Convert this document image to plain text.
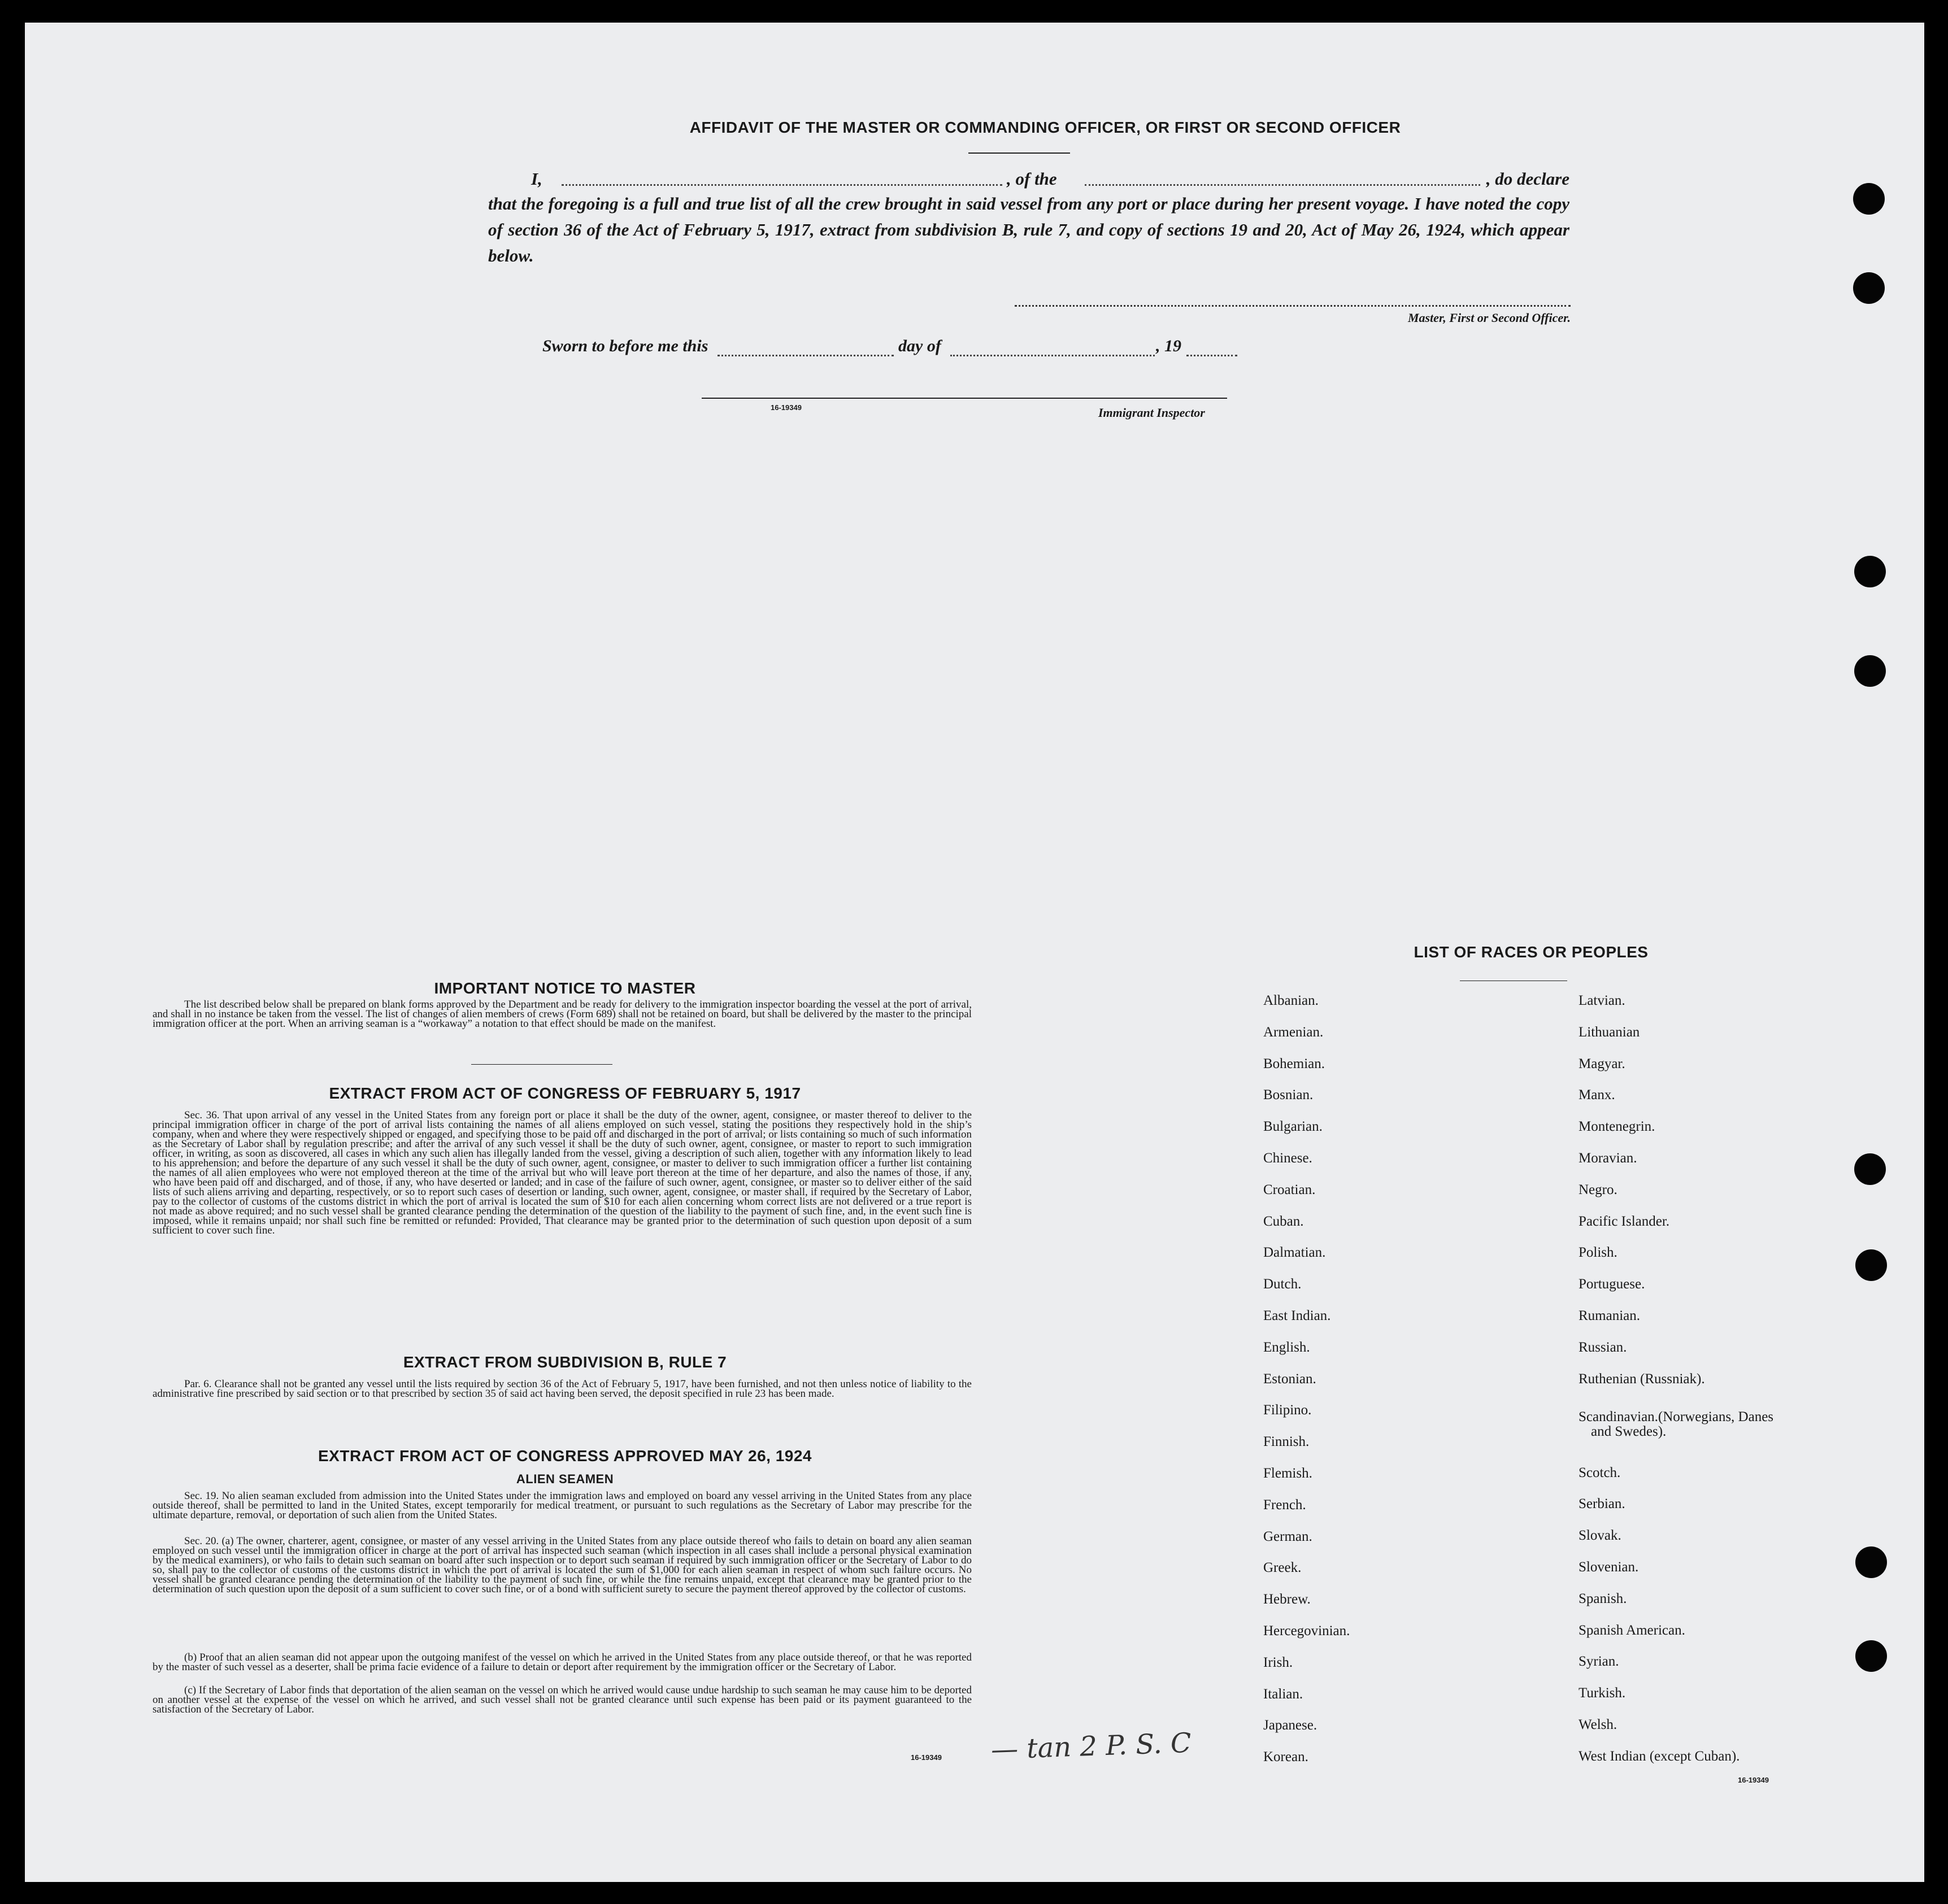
AFFIDAVIT OF THE MASTER OR COMMANDING OFFICER, OR FIRST OR SECOND OFFICER
I,	, of the	, do declare
that the foregoing is a full and true list of all the crew brought in said vessel from any port or place during her present voyage. I have noted the copy of section 36 of the Act of February 5, 1917, extract from subdivision B, rule 7, and copy of sections 19 and 20, Act of May 26, 1924, which appear below.
Master, First or Second Officer.
Sworn to before me this	day of	, 19
16-19349	Immigrant Inspector
IMPORTANT NOTICE TO MASTER
The list described below shall be prepared on blank forms approved by the Department and be ready for delivery to the immigration inspector boarding the vessel at the port of arrival, and shall in no instance be taken from the vessel. The list of changes of alien members of crews (Form 689) shall not be retained on board, but shall be delivered by the master to the principal immigration officer at the port. When an arriving seaman is a “workaway” a notation to that effect should be made on the manifest.
EXTRACT FROM ACT OF CONGRESS OF FEBRUARY 5, 1917
Sec. 36. That upon arrival of any vessel in the United States from any foreign port or place it shall be the duty of the owner, agent, consignee, or master thereof to deliver to the principal immigration officer in charge of the port of arrival lists containing the names of all aliens employed on such vessel, stating the positions they respectively hold in the ship’s company, when and where they were respectively shipped or engaged, and specifying those to be paid off and discharged in the port of arrival; or lists containing so much of such information as the Secretary of Labor shall by regulation prescribe; and after the arrival of any such vessel it shall be the duty of such owner, agent, consignee, or master to report to such immigration officer, in writing, as soon as discovered, all cases in which any such alien has illegally landed from the vessel, giving a description of such alien, together with any information likely to lead to his apprehension; and before the departure of any such vessel it shall be the duty of such owner, agent, consignee, or master to deliver to such immigration officer a further list containing the names of all alien employees who were not employed thereon at the time of the arrival but who will leave port thereon at the time of her departure, and also the names of those, if any, who have been paid off and discharged, and of those, if any, who have deserted or landed; and in case of the failure of such owner, agent, consignee, or master so to deliver either of the said lists of such aliens arriving and departing, respectively, or so to report such cases of desertion or landing, such owner, agent, consignee, or master shall, if required by the Secretary of Labor, pay to the collector of customs of the customs district in which the port of arrival is located the sum of $10 for each alien concerning whom correct lists are not delivered or a true report is not made as above required; and no such vessel shall be granted clearance pending the determination of the question of the liability to the payment of such fine, and, in the event such fine is imposed, while it remains unpaid; nor shall such fine be remitted or refunded: Provided, That clearance may be granted prior to the determination of such question upon deposit of a sum sufficient to cover such fine.
EXTRACT FROM SUBDIVISION B, RULE 7
Par. 6. Clearance shall not be granted any vessel until the lists required by section 36 of the Act of February 5, 1917, have been furnished, and not then unless notice of liability to the administrative fine prescribed by said section or to that prescribed by section 35 of said act having been served, the deposit specified in rule 23 has been made.
EXTRACT FROM ACT OF CONGRESS APPROVED MAY 26, 1924
ALIEN SEAMEN
Sec. 19. No alien seaman excluded from admission into the United States under the immigration laws and employed on board any vessel arriving in the United States from any place outside thereof, shall be permitted to land in the United States, except temporarily for medical treatment, or pursuant to such regulations as the Secretary of Labor may prescribe for the ultimate departure, removal, or deportation of such alien from the United States.
Sec. 20. (a) The owner, charterer, agent, consignee, or master of any vessel arriving in the United States from any place outside thereof who fails to detain on board any alien seaman employed on such vessel until the immigration officer in charge at the port of arrival has inspected such seaman (which inspection in all cases shall include a personal physical examination by the medical examiners), or who fails to detain such seaman on board after such inspection or to deport such seaman if required by such immigration officer or the Secretary of Labor to do so, shall pay to the collector of customs of the customs district in which the port of arrival is located the sum of $1,000 for each alien seaman in respect of whom such failure occurs. No vessel shall be granted clearance pending the determination of the liability to the payment of such fine, or while the fine remains unpaid, except that clearance may be granted prior to the determination of such question upon the deposit of a sum sufficient to cover such fine, or of a bond with sufficient surety to secure the payment thereof approved by the collector of customs.
(b) Proof that an alien seaman did not appear upon the outgoing manifest of the vessel on which he arrived in the United States from any place outside thereof, or that he was reported by the master of such vessel as a deserter, shall be prima facie evidence of a failure to detain or deport after requirement by the immigration officer or the Secretary of Labor.
(c) If the Secretary of Labor finds that deportation of the alien seaman on the vessel on which he arrived would cause undue hardship to such seaman he may cause him to be deported on another vessel at the expense of the vessel on which he arrived, and such vessel shall not be granted clearance until such expense has been paid or its payment guaranteed to the satisfaction of the Secretary of Labor.
16-19349 — tan 2 P. S. C
LIST OF RACES OR PEOPLES
Albanian.
Armenian.
Bohemian.
Bosnian.
Bulgarian.
Chinese.
Croatian.
Cuban.
Dalmatian.
Dutch.
East Indian.
English.
Estonian.
Filipino.
Finnish.
Flemish.
French.
German.
Greek.
Hebrew.
Hercegovinian.
Irish.
Italian.
Japanese.
Korean.
Latvian.
Lithuanian
Magyar.
Manx.
Montenegrin.
Moravian.
Negro.
Pacific Islander.
Polish.
Portuguese.
Rumanian.
Russian.
Ruthenian (Russniak).
Scandinavian.(Norwegians, Danes and Swedes).
Scotch.
Serbian.
Slovak.
Slovenian.
Spanish.
Spanish American.
Syrian.
Turkish.
Welsh.
West Indian (except Cuban).
16-19349
